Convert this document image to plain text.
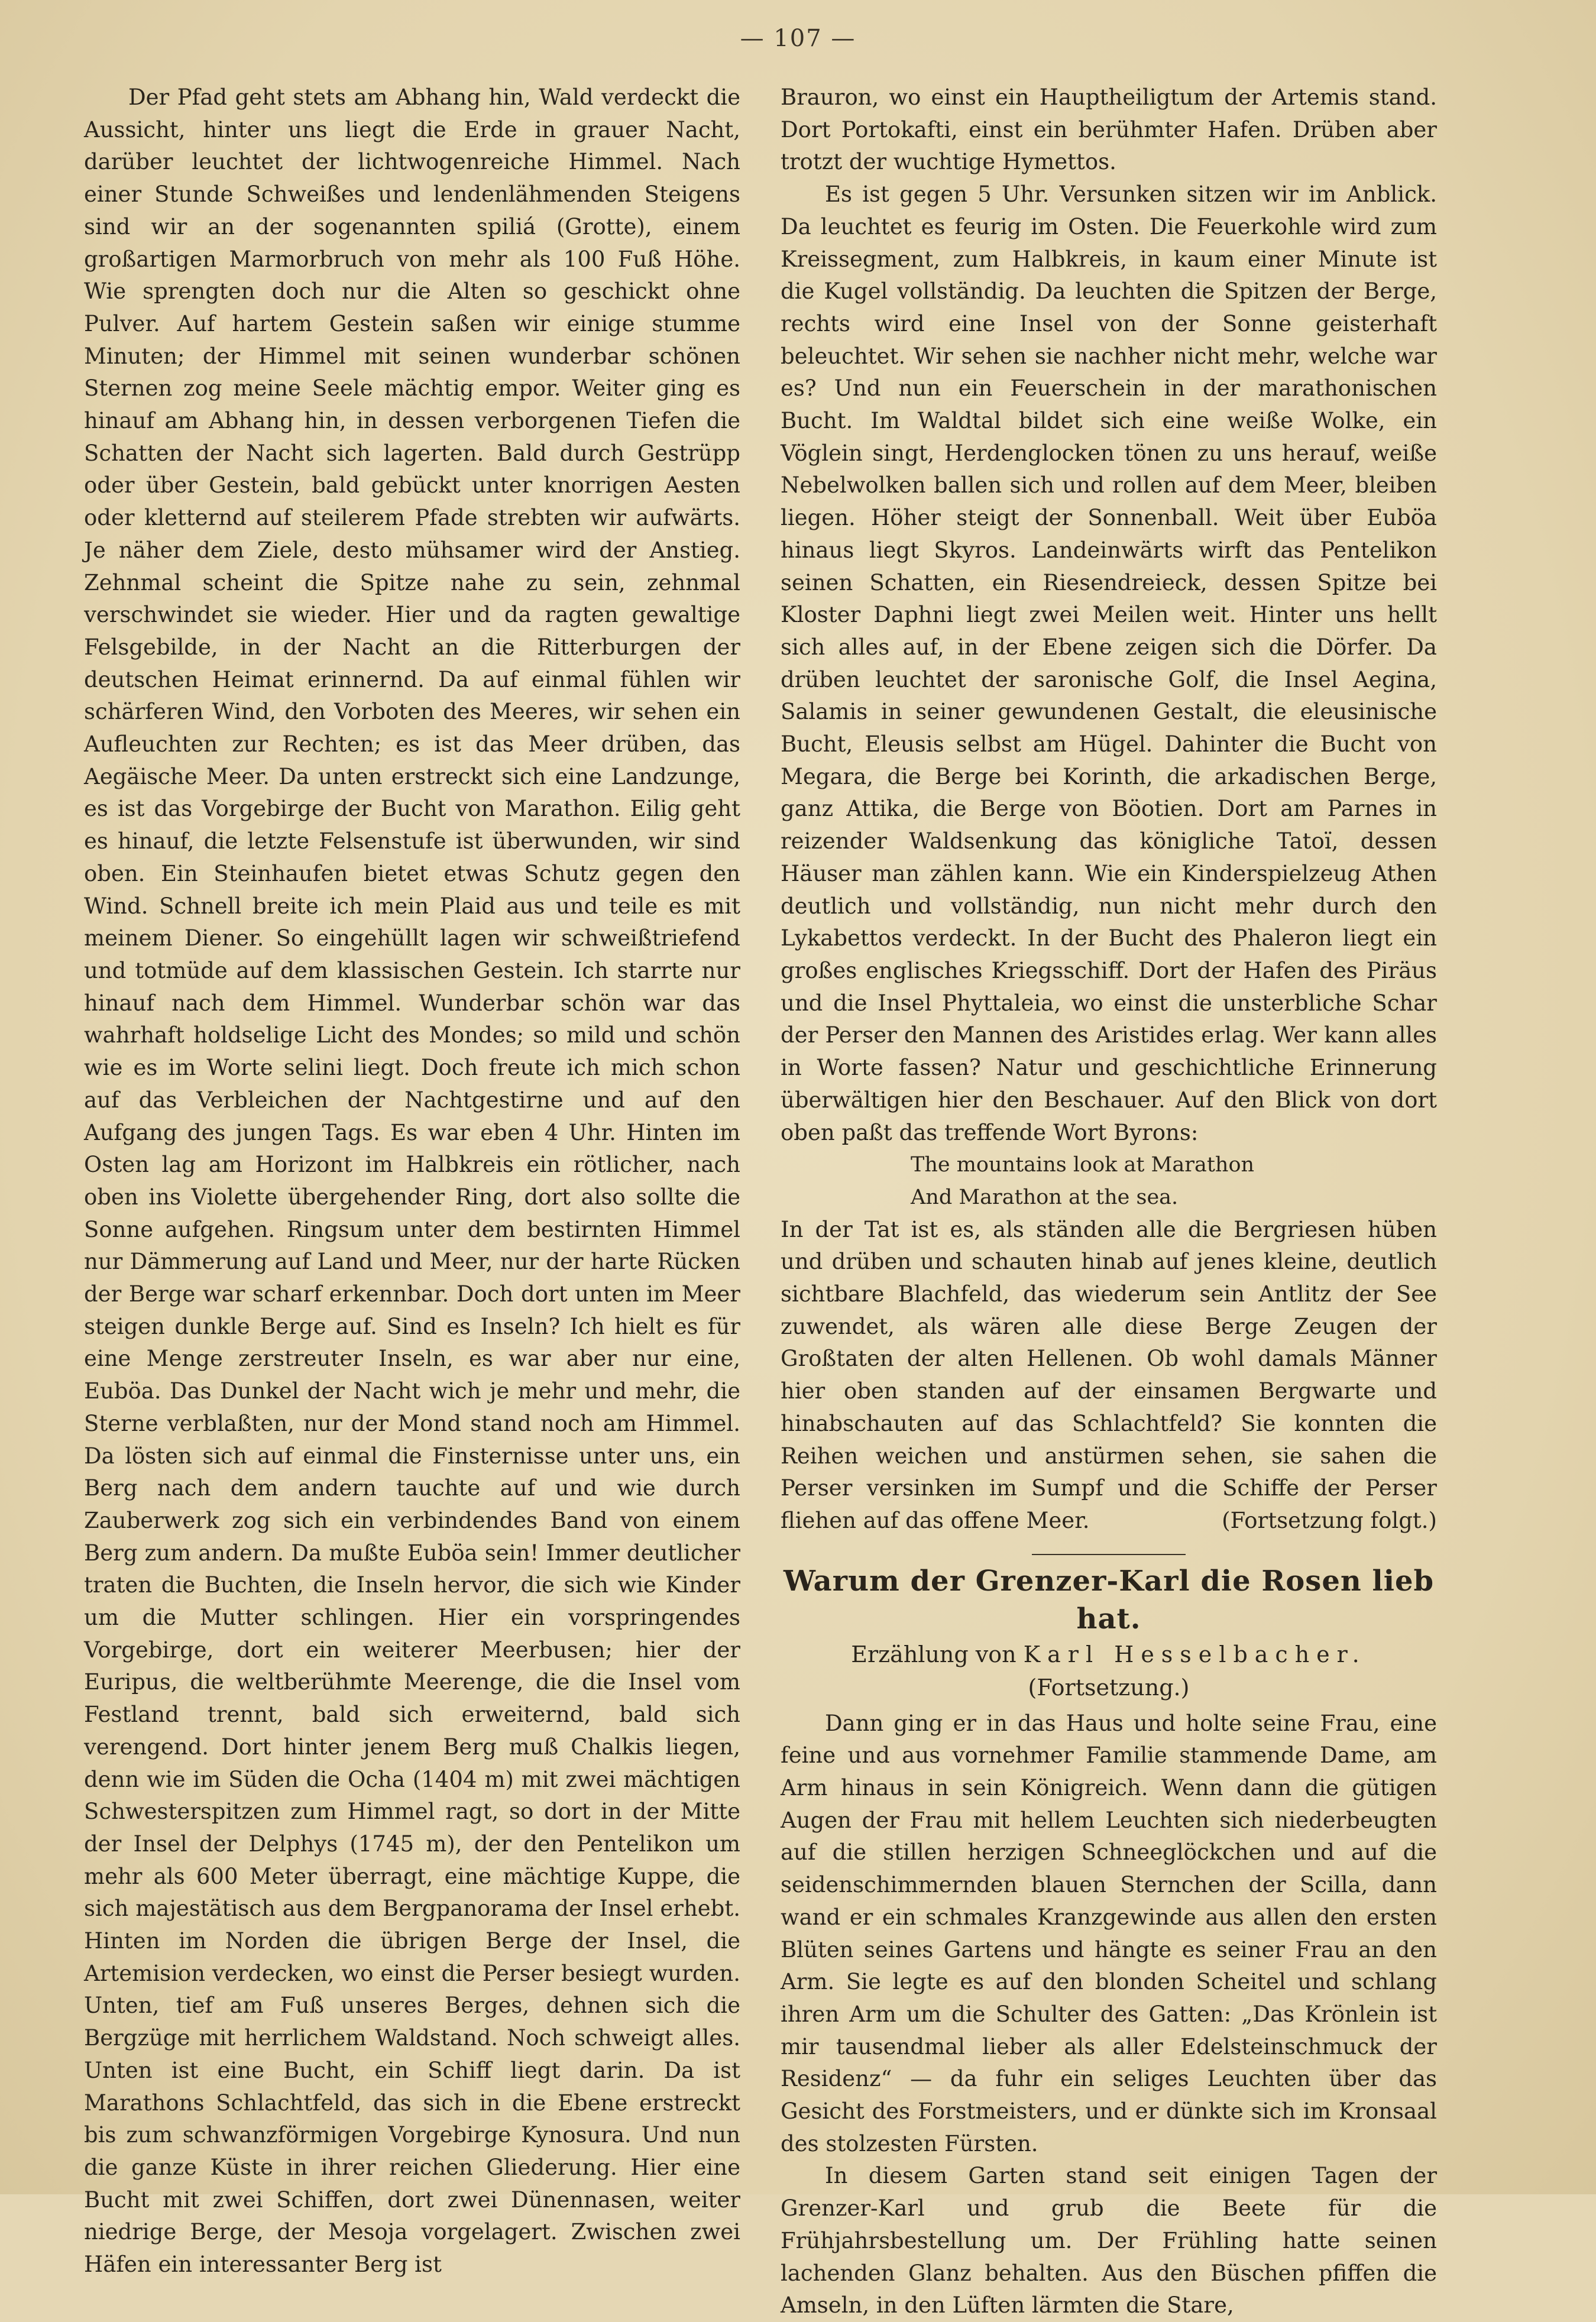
— 107 —

Der Pfad geht stets am Abhang hin, Wald verdeckt die Aussicht, hinter uns liegt die Erde in grauer Nacht, darüber leuchtet der lichtwogenreiche Himmel. Nach einer Stunde Schweißes und lendenlähmenden Steigens sind wir an der sogenannten spiliá (Grotte), einem großartigen Marmorbruch von mehr als 100 Fuß Höhe. Wie sprengten doch nur die Alten so geschickt ohne Pulver. Auf hartem Gestein saßen wir einige stumme Minuten; der Himmel mit seinen wunderbar schönen Sternen zog meine Seele mächtig empor. Weiter ging es hinauf am Abhang hin, in dessen verborgenen Tiefen die Schatten der Nacht sich lagerten. Bald durch Gestrüpp oder über Gestein, bald gebückt unter knorrigen Aesten oder kletternd auf steilerem Pfade strebten wir aufwärts. Je näher dem Ziele, desto mühsamer wird der Anstieg. Zehnmal scheint die Spitze nahe zu sein, zehnmal verschwindet sie wieder. Hier und da ragten gewaltige Felsgebilde, in der Nacht an die Ritterburgen der deutschen Heimat erinnernd. Da auf einmal fühlen wir schärferen Wind, den Vorboten des Meeres, wir sehen ein Aufleuchten zur Rechten; es ist das Meer drüben, das Aegäische Meer. Da unten erstreckt sich eine Landzunge, es ist das Vorgebirge der Bucht von Marathon. Eilig geht es hinauf, die letzte Felsenstufe ist überwunden, wir sind oben. Ein Steinhaufen bietet etwas Schutz gegen den Wind. Schnell breite ich mein Plaid aus und teile es mit meinem Diener. So eingehüllt lagen wir schweißtriefend und totmüde auf dem klassischen Gestein. Ich starrte nur hinauf nach dem Himmel. Wunderbar schön war das wahrhaft holdselige Licht des Mondes; so mild und schön wie es im Worte selini liegt. Doch freute ich mich schon auf das Verbleichen der Nachtgestirne und auf den Aufgang des jungen Tags. Es war eben 4 Uhr. Hinten im Osten lag am Horizont im Halbkreis ein rötlicher, nach oben ins Violette übergehender Ring, dort also sollte die Sonne aufgehen. Ringsum unter dem bestirnten Himmel nur Dämmerung auf Land und Meer, nur der harte Rücken der Berge war scharf erkennbar. Doch dort unten im Meer steigen dunkle Berge auf. Sind es Inseln? Ich hielt es für eine Menge zerstreuter Inseln, es war aber nur eine, Euböa. Das Dunkel der Nacht wich je mehr und mehr, die Sterne verblaßten, nur der Mond stand noch am Himmel. Da lösten sich auf einmal die Finsternisse unter uns, ein Berg nach dem andern tauchte auf und wie durch Zauberwerk zog sich ein verbindendes Band von einem Berg zum andern. Da mußte Euböa sein! Immer deutlicher traten die Buchten, die Inseln hervor, die sich wie Kinder um die Mutter schlingen. Hier ein vorspringendes Vorgebirge, dort ein weiterer Meerbusen; hier der Euripus, die weltberühmte Meerenge, die die Insel vom Festland trennt, bald sich erweiternd, bald sich verengend. Dort hinter jenem Berg muß Chalkis liegen, denn wie im Süden die Ocha (1404 m) mit zwei mächtigen Schwesterspitzen zum Himmel ragt, so dort in der Mitte der Insel der Delphys (1745 m), der den Pentelikon um mehr als 600 Meter überragt, eine mächtige Kuppe, die sich majestätisch aus dem Bergpanorama der Insel erhebt. Hinten im Norden die übrigen Berge der Insel, die Artemision verdecken, wo einst die Perser besiegt wurden. Unten, tief am Fuß unseres Berges, dehnen sich die Bergzüge mit herrlichem Waldstand. Noch schweigt alles. Unten ist eine Bucht, ein Schiff liegt darin. Da ist Marathons Schlachtfeld, das sich in die Ebene erstreckt bis zum schwanzförmigen Vorgebirge Kynosura. Und nun die ganze Küste in ihrer reichen Gliederung. Hier eine Bucht mit zwei Schiffen, dort zwei Dünennasen, weiter niedrige Berge, der Mesoja vorgelagert. Zwischen zwei Häfen ein interessanter Berg ist

Brauron, wo einst ein Hauptheiligtum der Artemis stand. Dort Portokafti, einst ein berühmter Hafen. Drüben aber trotzt der wuchtige Hymettos.

Es ist gegen 5 Uhr. Versunken sitzen wir im Anblick. Da leuchtet es feurig im Osten. Die Feuerkohle wird zum Kreissegment, zum Halbkreis, in kaum einer Minute ist die Kugel vollständig. Da leuchten die Spitzen der Berge, rechts wird eine Insel von der Sonne geisterhaft beleuchtet. Wir sehen sie nachher nicht mehr, welche war es? Und nun ein Feuerschein in der marathonischen Bucht. Im Waldtal bildet sich eine weiße Wolke, ein Vöglein singt, Herdenglocken tönen zu uns herauf, weiße Nebelwolken ballen sich und rollen auf dem Meer, bleiben liegen. Höher steigt der Sonnenball. Weit über Euböa hinaus liegt Skyros. Landeinwärts wirft das Pentelikon seinen Schatten, ein Riesendreieck, dessen Spitze bei Kloster Daphni liegt zwei Meilen weit. Hinter uns hellt sich alles auf, in der Ebene zeigen sich die Dörfer. Da drüben leuchtet der saronische Golf, die Insel Aegina, Salamis in seiner gewundenen Gestalt, die eleusinische Bucht, Eleusis selbst am Hügel. Dahinter die Bucht von Megara, die Berge bei Korinth, die arkadischen Berge, ganz Attika, die Berge von Böotien. Dort am Parnes in reizender Waldsenkung das königliche Tatoï, dessen Häuser man zählen kann. Wie ein Kinderspielzeug Athen deutlich und vollständig, nun nicht mehr durch den Lykabettos verdeckt. In der Bucht des Phaleron liegt ein großes englisches Kriegsschiff. Dort der Hafen des Piräus und die Insel Phyttaleia, wo einst die unsterbliche Schar der Perser den Mannen des Aristides erlag. Wer kann alles in Worte fassen? Natur und geschichtliche Erinnerung überwältigen hier den Beschauer. Auf den Blick von dort oben paßt das treffende Wort Byrons:

The mountains look at Marathon

And Marathon at the sea.

In der Tat ist es, als ständen alle die Bergriesen hüben und drüben und schauten hinab auf jenes kleine, deutlich sichtbare Blachfeld, das wiederum sein Antlitz der See zuwendet, als wären alle diese Berge Zeugen der Großtaten der alten Hellenen. Ob wohl damals Männer hier oben standen auf der einsamen Bergwarte und hinabschauten auf das Schlachtfeld? Sie konnten die Reihen weichen und anstürmen sehen, sie sahen die Perser versinken im Sumpf und die Schiffe der Perser fliehen auf das offene Meer.	(Fortsetzung folgt.)

Warum der Grenzer-Karl die Rosen lieb hat.

Erzählung von Karl Hesselbacher.

(Fortsetzung.)

Dann ging er in das Haus und holte seine Frau, eine feine und aus vornehmer Familie stammende Dame, am Arm hinaus in sein Königreich. Wenn dann die gütigen Augen der Frau mit hellem Leuchten sich niederbeugten auf die stillen herzigen Schneeglöckchen und auf die seidenschimmernden blauen Sternchen der Scilla, dann wand er ein schmales Kranzgewinde aus allen den ersten Blüten seines Gartens und hängte es seiner Frau an den Arm. Sie legte es auf den blonden Scheitel und schlang ihren Arm um die Schulter des Gatten: „Das Krönlein ist mir tausendmal lieber als aller Edelsteinschmuck der Residenz“ — da fuhr ein seliges Leuchten über das Gesicht des Forstmeisters, und er dünkte sich im Kronsaal des stolzesten Fürsten.

In diesem Garten stand seit einigen Tagen der Grenzer-Karl und grub die Beete für die Frühjahrsbestellung um. Der Frühling hatte seinen lachenden Glanz behalten. Aus den Büschen pfiffen die Amseln, in den Lüften lärmten die Stare,
